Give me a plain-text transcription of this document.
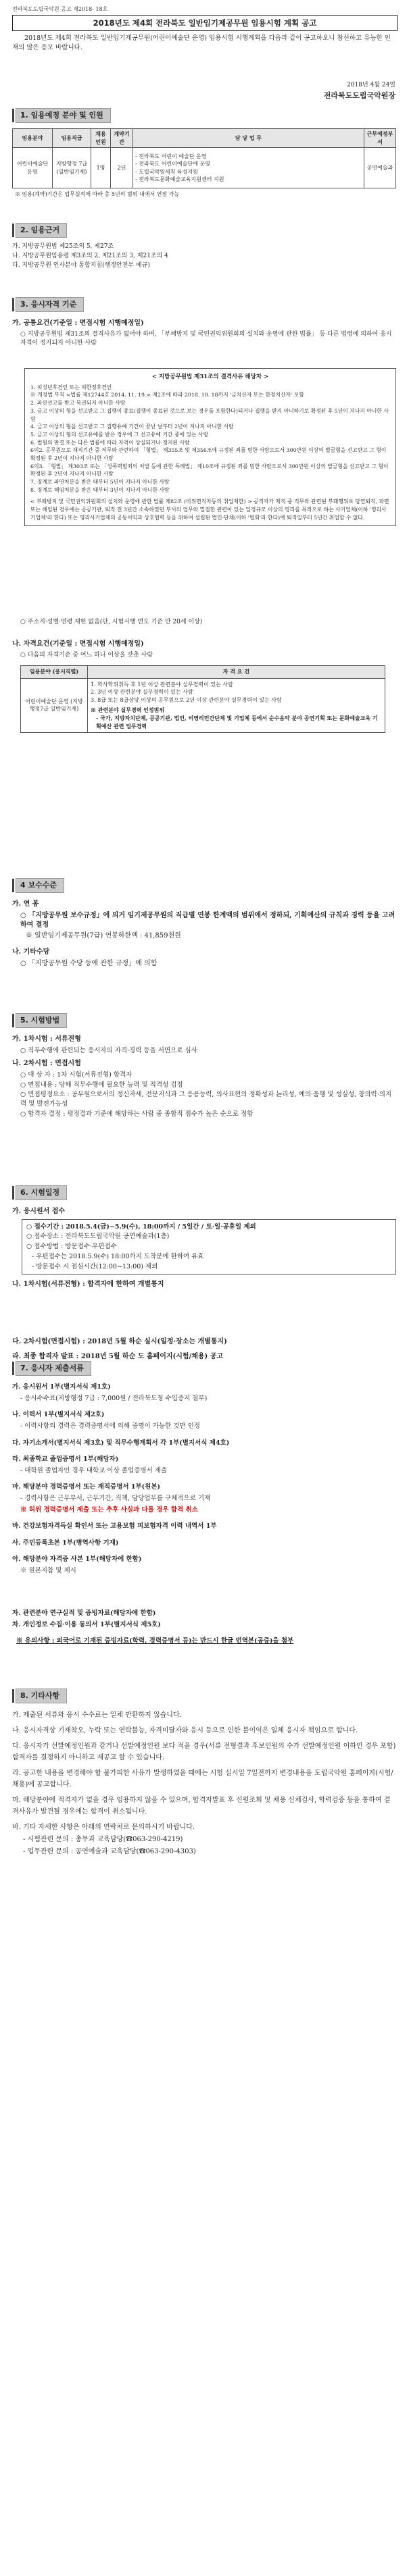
전라북도도립국악원 공고 제2018- 18호
2018년도 제4회 전라북도 일반임기제공무원 임용시험 계획 공고
2018년도 제4회 전라북도 일반임기제공무원(어린이예술단 운영) 임용시험 시행계획을 다음과 같이 공고하오니 참신하고 유능한 인재의 많은 응모 바랍니다.
2018년 4월 24일
전라북도도립국악원장
1. 임용예정 분야 및 인원
임용분야	임용직급	채용인원	계약기간	담 당 업 무	근무예정부서
어린이예술단운영	지방행정 7급 (일반임기제)	1명	2년	- 전라북도 어린이 예술단 운영
- 전라북도 어린이예술단에 운영
- 도립국악원세칙 육성지원
- 전라북도문화예술교육지원센터 지원	공연예술과
※ 임용(계약)기간은 업무실적에 따라 총 5년의 범위 내에서 연장 가능
2. 임용근거
가. 지방공무원법 제25조의 5, 제27조
나. 지방공무원임용령 제3조의 2, 제21조의 3, 제21조의 4
다. 지방공무원 인사분야 통합지침(행정안전부 예규)
3. 응시자격 기준
가. 공통요건(기준일 : 면접시험 시행예정일)
○ 지방공무원법 제31조의 결격사유가 없어야 하며, 「부패방지 및 국민권익위원회의 설치와 운영에 관한 법률」 등 다른 법령에 의하여 응시 자격이 정지되지 아니한 사람
< 지방공무원법 제31조의 결격사유 해당자 >
1. 피성년후견인 또는 피한정후견인
※ 개정법 부칙 <법률 제12744호 2014. 11. 19.> 제2조에 따라 2018. 10. 18까지 '금치산자 또는 한정치산자' 포함
2. 파산선고를 받고 복권되지 아니한 사람
3. 금고 이상의 형을 선고받고 그 집행이 종료(집행이 종료된 것으로 보는 경우를 포함한다)되거나 집행을 받지 아니하기로 확정된 후 5년이 지나지 아니한 사람
4. 금고 이상의 형을 선고받고 그 집행유예 기간이 끝난 날부터 2년이 지나지 아니한 사람
5. 금고 이상의 형의 선고유예를 받은 경우에 그 선고유예 기간 중에 있는 사람
6. 법원의 판결 또는 다른 법률에 따라 자격이 상실되거나 정지된 사람
6의2. 공무원으로 재직기간 중 직무와 관련하여 「형법」 제355조 및 제356조에 규정된 죄를 범한 사람으로서 300만원 이상의 벌금형을 선고받고 그 형이 확정된 후 2년이 지나지 아니한 사람
6의3. 「형법」 제303조 또는 「성폭력범죄의 처벌 등에 관한 특례법」 제10조에 규정된 죄를 범한 사람으로서 300만원 이상의 벌금형을 선고받고 그 형이 확정된 후 2년이 지나지 아니한 사람
7. 징계로 파면처분을 받은 때부터 5년이 지나지 아니한 사람
8. 징계로 해임처분을 받은 때부터 3년이 지나지 아니한 사람
< 부패방지 및 국민권익위원회의 설치와 운영에 관한 법률 제82조 (비위면직자등의 취업제한) > 공직자가 재직 중 직무와 관련된 부패행위로 당연퇴직, 파면 또는 해임된 경우에는 공공기관, 퇴직 전 3년간 소속하였던 부서의 업무와 밀접한 관련이 있는 일정규모 이상의 영리를 목적으로 하는 사기업체(이하 '영리사기업체'라 한다) 또는 영리사기업체의 공동이익과 상호협력 등을 위하여 설립된 법인·단체(이하 '협회'라 한다)에 퇴직일부터 5년간 취업할 수 없다.
○ 주소지·성별·연령 제한 없음(단, 시험시행 연도 기준 만 20세 이상)
나. 자격요건(기준일 : 면접시험 시행예정일)
○ 다음의 자격기준 중 어느 하나 이상을 갖춘 사람
임용분야 (응시직렬)	자 격 요 건
어린이예술단 운영 (지방행정7급 일반임기제)	1. 학사학위취득 후 1년 이상 관련분야 실무경력이 있는 사람
2. 3년 이상 관련분야 실무경력이 있는 사람
3. 8급 또는 8급상당 이상의 공무원으로 2년 이상 관련분야 실무경력이 있는 사람
※ 관련분야 실무경력 인정범위
- 국가, 지방자치단체, 공공기관, 법인, 비영리민간단체 및 기업체 등에서 순수음악 분야 공연기획 또는 문화예술교육 기획예산 관련 업무경력
4 보수수준
가. 연 봉
○ 「지방공무원 보수규정」에 의거 임기제공무원의 직급별 연봉 한계액의 범위에서 정하되, 기획예산의 규칙과 경력 등을 고려하여 결정
※ 일반임기제공무원(7급) 연봉하한액 : 41,859천원
나. 기타수당
○ 「지방공무원 수당 등에 관한 규정」에 의함
5. 시험방법
가. 1차시험 : 서류전형
○ 직무수행에 관련되는 응시자의 자격·경력 등을 서면으로 심사
나. 2차시험 : 면접시험
○ 대 상 자 : 1차 시험(서류전형) 합격자
○ 면접내용 : 당해 직무수행에 필요한 능력 및 적격성 검정
○ 면접평정요소 : 공무원으로서의 정신자세, 전문지식과 그 응용능력, 의사표현의 정확성과 논리성, 예의·품행 및 성실성, 창의력·의지력 및 발전가능성
○ 합격자 결정 : 평정결과 기준에 해당하는 사람 중 종합적 점수가 높은 순으로 정함
6. 시험일정
가. 응시원서 접수
○ 접수기간 : 2018.5.4(금)~5.9(수), 18:00까지 / 5일간 / 토·일·공휴일 제외
○ 접수장소 : 전라북도도립국악원 공연예술과(1층)
○ 접수방법 : 방문접수·우편접수
- 우편접수는 2018.5.9(수) 18:00까지 도착분에 한하여 유효
- 방문접수 시 점심시간(12:00~13:00) 제외
나. 1차시험(서류전형) : 합격자에 한하여 개별통지
다. 2차시험(면접시험) : 2018년 5월 하순 실시(일정·장소는 개별통지)
라. 최종 합격자 발표 : 2018년 5월 하순 도 홈페이지(시험/채용) 공고
7. 응시자 제출서류
가. 응시원서 1부(별지서식 제1호)
- 응시수수료(지방행정 7급 : 7,000원 / 전라북도청 수입증지 첨부)
나. 이력서 1부(별지서식 제2호)
- 이력사항의 경력은 경력증명서에 의해 증명이 가능한 것만 인정
다. 자기소개서(별지서식 제3호) 및 직무수행계획서 각 1부(별지서식 제4호)
라. 최종학교 졸업증명서 1부(해당자)
- 대학원 졸업자인 경우 대학교 이상 졸업증명서 제출
마. 해당분야 경력증명서 또는 재직증명서 1부(원본)
- 경력사항은 근무부서, 근무기간, 직책, 담당업무를 구체적으로 기재
※ 허위 경력증명서 제출 또는 추후 사실과 다를 경우 합격 취소
바. 건강보험자격득실 확인서 또는 고용보험 피보험자격 이력 내역서 1부
사. 주민등록초본 1부(병역사항 기재)
아. 해당분야 자격증 사본 1부(해당자에 한함)
※ 원본지참 및 제시
자. 관련분야 연구실적 및 증빙자료(해당자에 한함)
차. 개인정보 수집·이용 동의서 1부(별지서식 제5호)
※ 유의사항 : 외국어로 기재된 증빙자료(학력, 경력증명서 등)는 반드시 한글 번역본(공증)을 첨부
8. 기타사항
가. 제출된 서류와 응시 수수료는 일체 반환하지 않습니다.
나. 응시자격상 기재착오, 누락 또는 연락불능, 자격미달자와 응시 등으로 인한 불이익은 일체 응시자 책임으로 합니다.
다. 응시자가 선발예정인원과 같거나 선발예정인원 보다 적을 경우(서류 전형결과 후보인원의 수가 선발예정인원 이하인 경우 포함) 합격자를 결정하지 아니하고 재공고 할 수 있습니다.
라. 공고한 내용을 변경해야 할 불가피한 사유가 발생하였을 때에는 시험 실시일 7일전까지 변경내용을 도립국악원 홈페이지(시험/채용)에 공고합니다.
마. 해당분야에 적격자가 없을 경우 임용하지 않을 수 있으며, 합격자발표 후 신원조회 및 채용 신체검사, 학력검증 등을 통하여 결격사유가 발견될 경우에는 합격이 취소됩니다.
바. 기타 자세한 사항은 아래의 연락처로 문의하시기 바랍니다.
- 시험관련 문의 : 총무과 교육담당(☎063-290-4219)
- 업무관련 문의 : 공연예술과 교육담당(☎063-290-4303)
